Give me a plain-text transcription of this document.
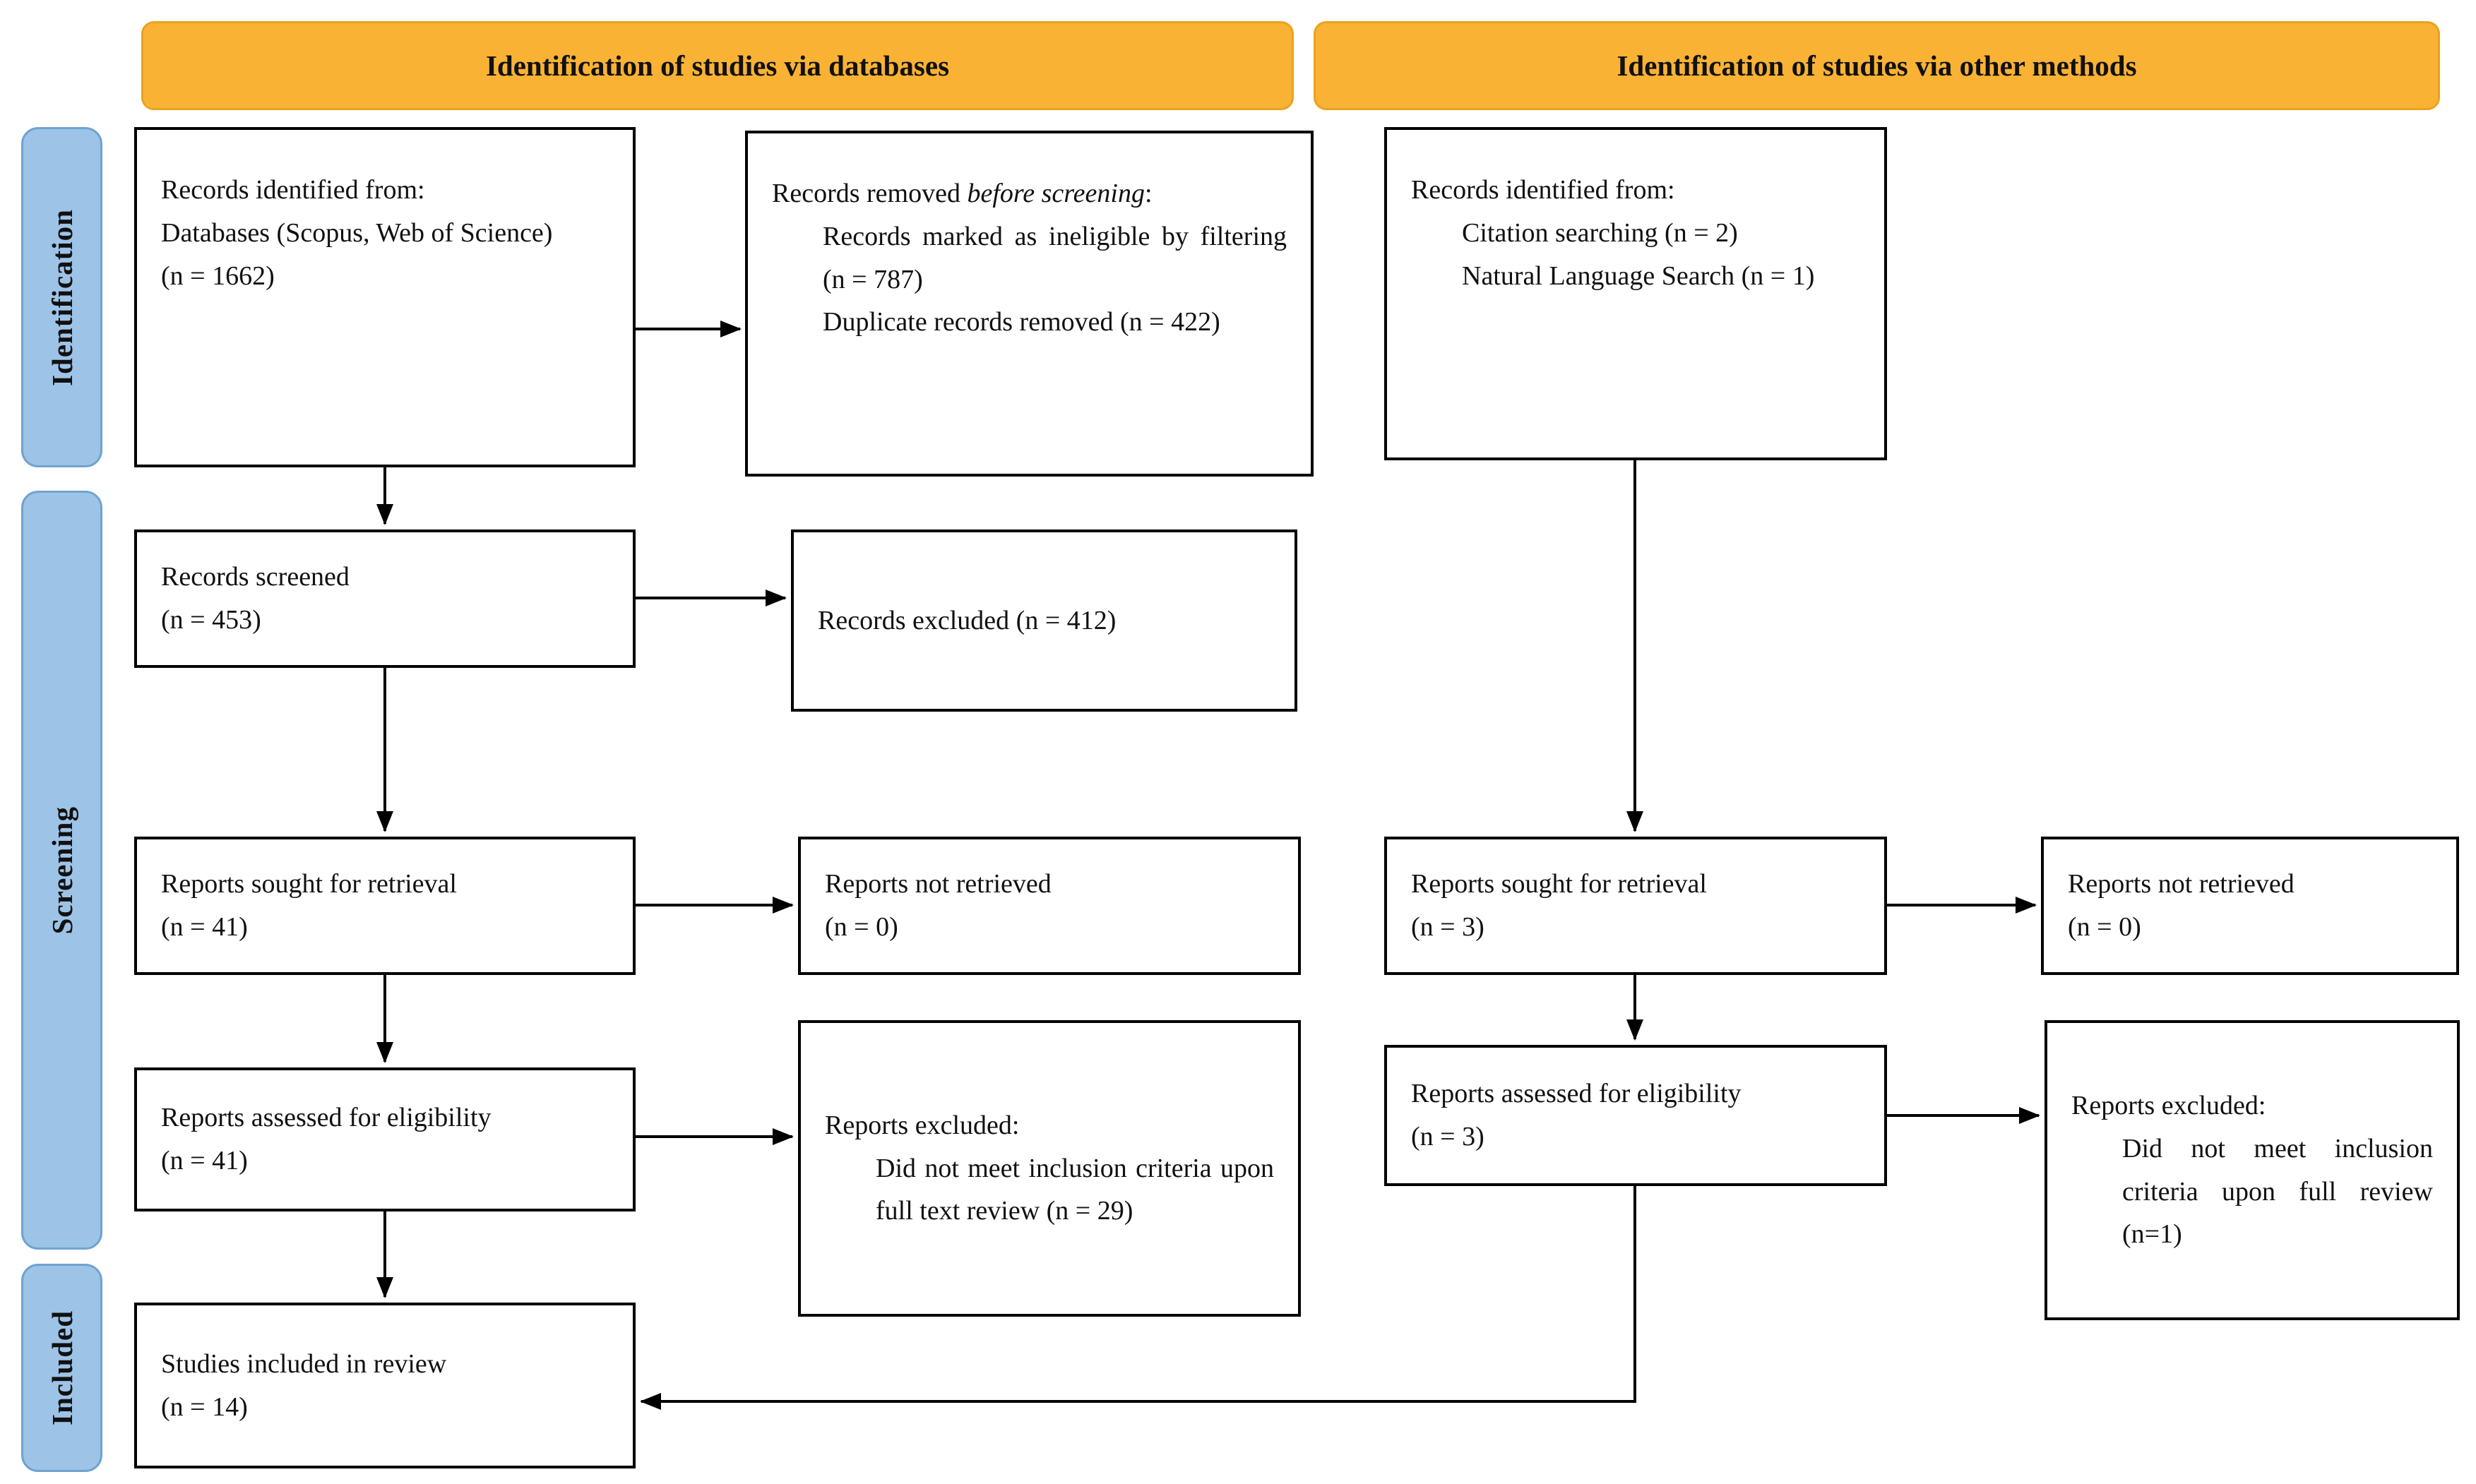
Identification of studies via databases	Identification of studies via other methods
Identification
Screening
Included
Records identified from:
Databases (Scopus, Web of Science)
(n = 1662)
Records screened
(n = 453)
Reports sought for retrieval
(n = 41)
Reports assessed for eligibility
(n = 41)
Studies included in review
(n = 14)
Records removed before screening:
Records marked as ineligible by filtering (n = 787)
Duplicate records removed (n = 422)
Records excluded (n = 412)
Reports not retrieved
(n = 0)
Reports excluded:
Did not meet inclusion criteria upon full text review (n = 29)
Records identified from:
Citation searching (n = 2)
Natural Language Search (n = 1)
Reports sought for retrieval
(n = 3)
Reports assessed for eligibility
(n = 3)
Reports not retrieved
(n = 0)
Reports excluded:
Did not meet inclusion criteria upon full review (n=1)
